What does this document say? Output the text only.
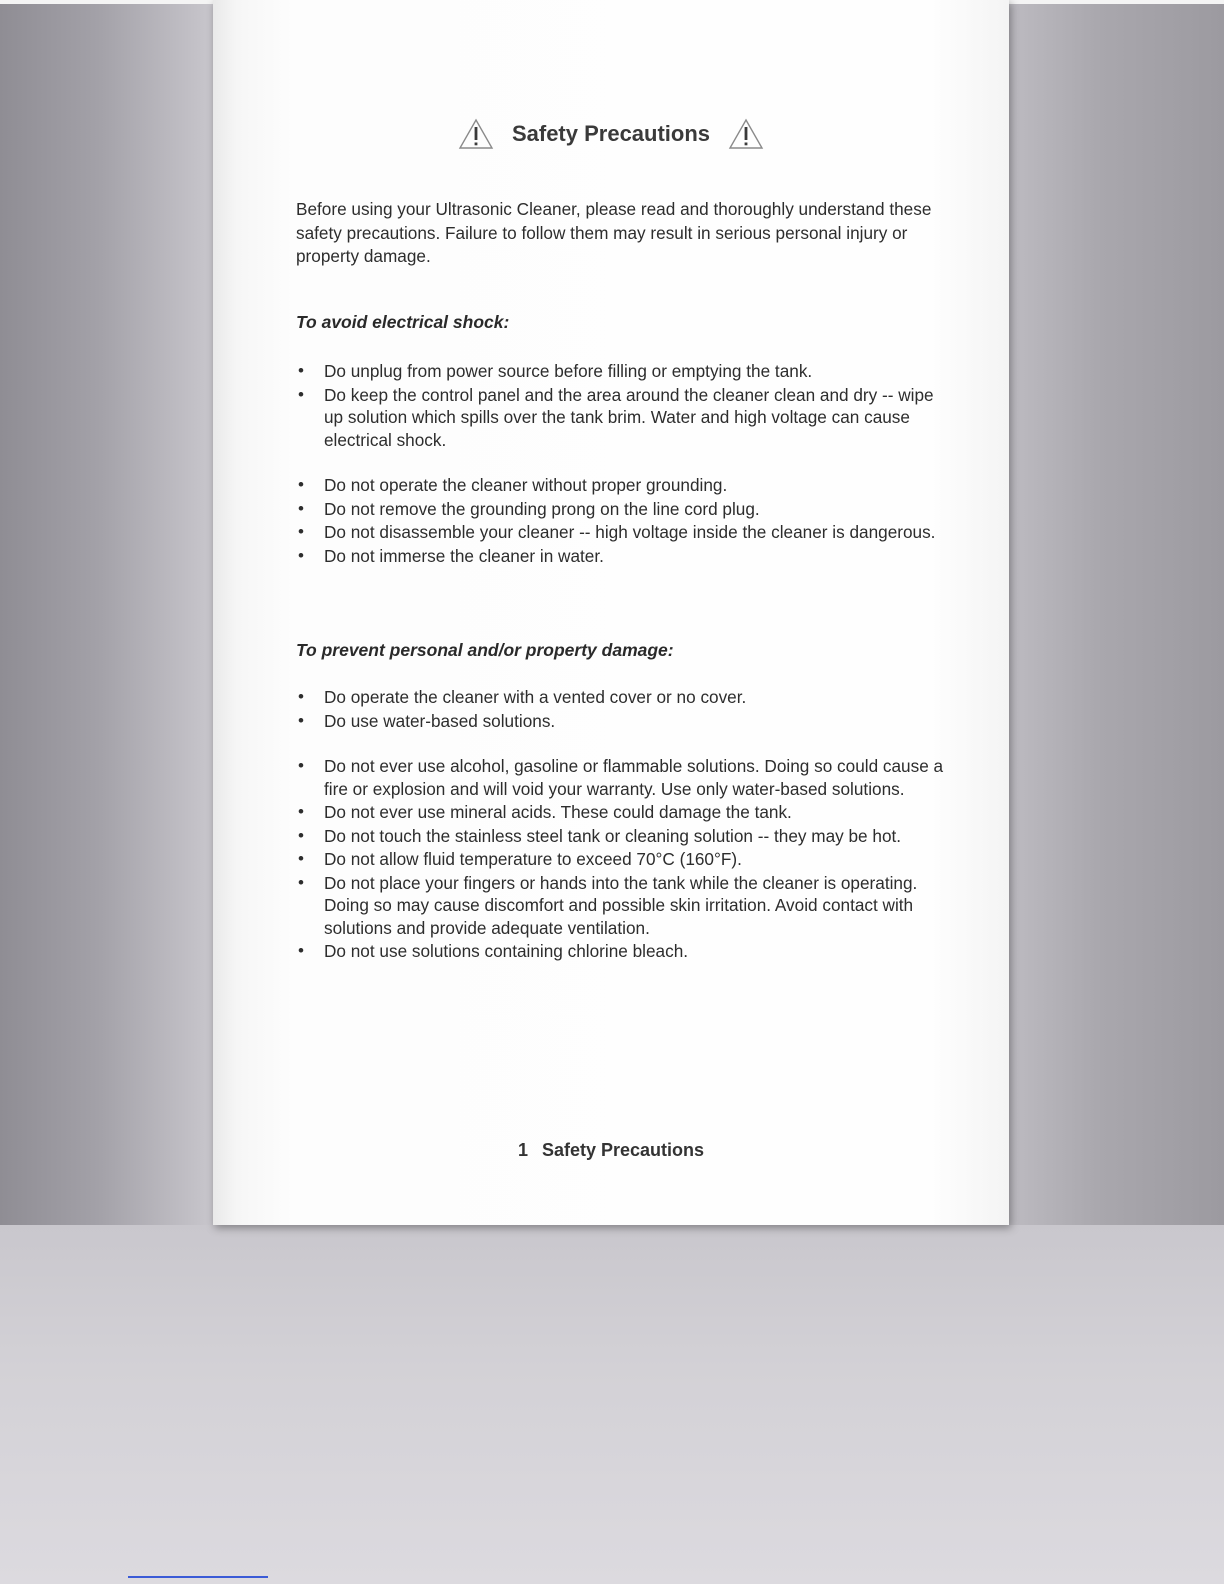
Safety Precautions
Before using your Ultrasonic Cleaner, please read and thoroughly understand these safety precautions. Failure to follow them may result in serious personal injury or property damage.
To avoid electrical shock:
• Do unplug from power source before filling or emptying the tank.
• Do keep the control panel and the area around the cleaner clean and dry -- wipe up solution which spills over the tank brim. Water and high voltage can cause electrical shock.
• Do not operate the cleaner without proper grounding.
• Do not remove the grounding prong on the line cord plug.
• Do not disassemble your cleaner -- high voltage inside the cleaner is dangerous.
• Do not immerse the cleaner in water.
To prevent personal and/or property damage:
• Do operate the cleaner with a vented cover or no cover.
• Do use water-based solutions.
• Do not ever use alcohol, gasoline or flammable solutions. Doing so could cause a fire or explosion and will void your warranty. Use only water-based solutions.
• Do not ever use mineral acids. These could damage the tank.
• Do not touch the stainless steel tank or cleaning solution -- they may be hot.
• Do not allow fluid temperature to exceed 70°C (160°F).
• Do not place your fingers or hands into the tank while the cleaner is operating. Doing so may cause discomfort and possible skin irritation. Avoid contact with solutions and provide adequate ventilation.
• Do not use solutions containing chlorine bleach.
1 Safety Precautions
